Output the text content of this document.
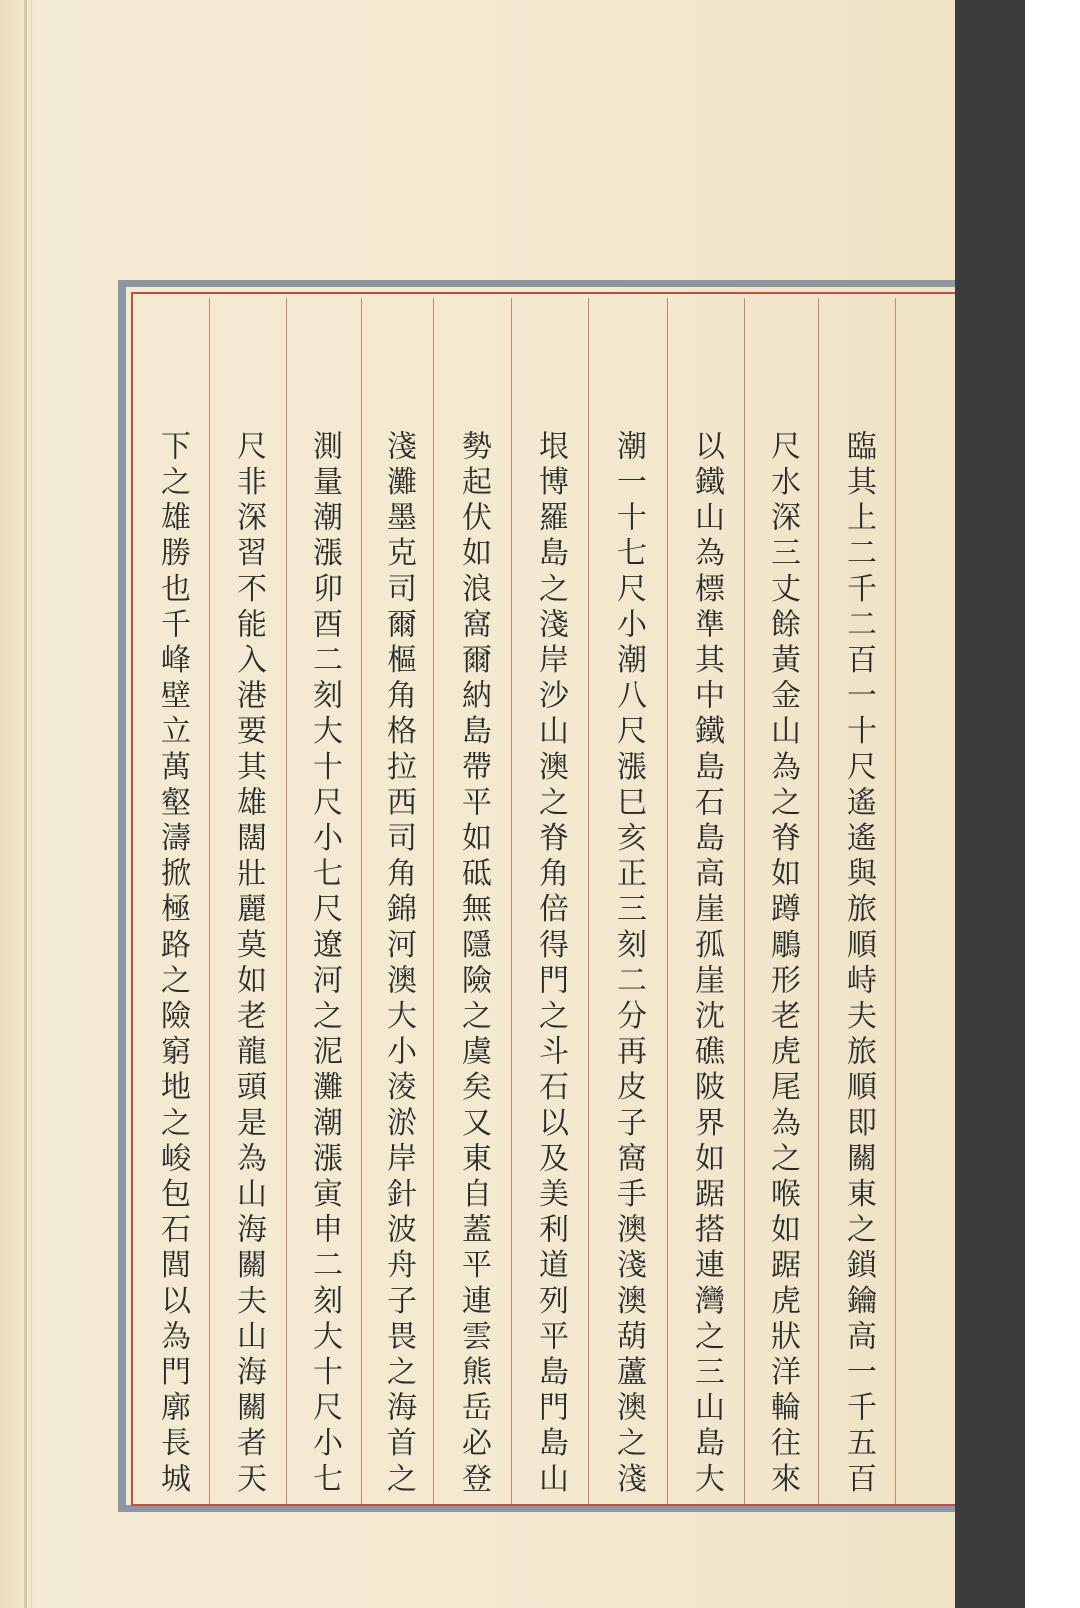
臨其上二千二百一十尺遙遙與旅順峙夫旅順即關東之鎖鑰高一千五百
尺水深三丈餘黃金山為之脊如蹲鵰形老虎尾為之喉如踞虎狀洋輪往來
以鐵山為標準其中鐵島石島高崖孤崖沈礁陂界如踞搭連灣之三山島大
潮一十七尺小潮八尺漲巳亥正三刻二分再皮子窩手澳淺澳葫蘆澳之淺
垠博羅島之淺岸沙山澳之脊角倍得門之斗石以及美利道列平島門島山
勢起伏如浪窩爾納島帶平如砥無隱險之虞矣又東自蓋平連雲熊岳必登
淺灘墨克司爾樞角格拉西司角錦河澳大小淩淤岸針波舟子畏之海首之
測量潮漲卯酉二刻大十尺小七尺遼河之泥灘潮漲寅申二刻大十尺小七
尺非深習不能入港要其雄闊壯麗莫如老龍頭是為山海關夫山海關者天
下之雄勝也千峰壁立萬壑濤掀極路之險窮地之峻包石閭以為門廓長城
